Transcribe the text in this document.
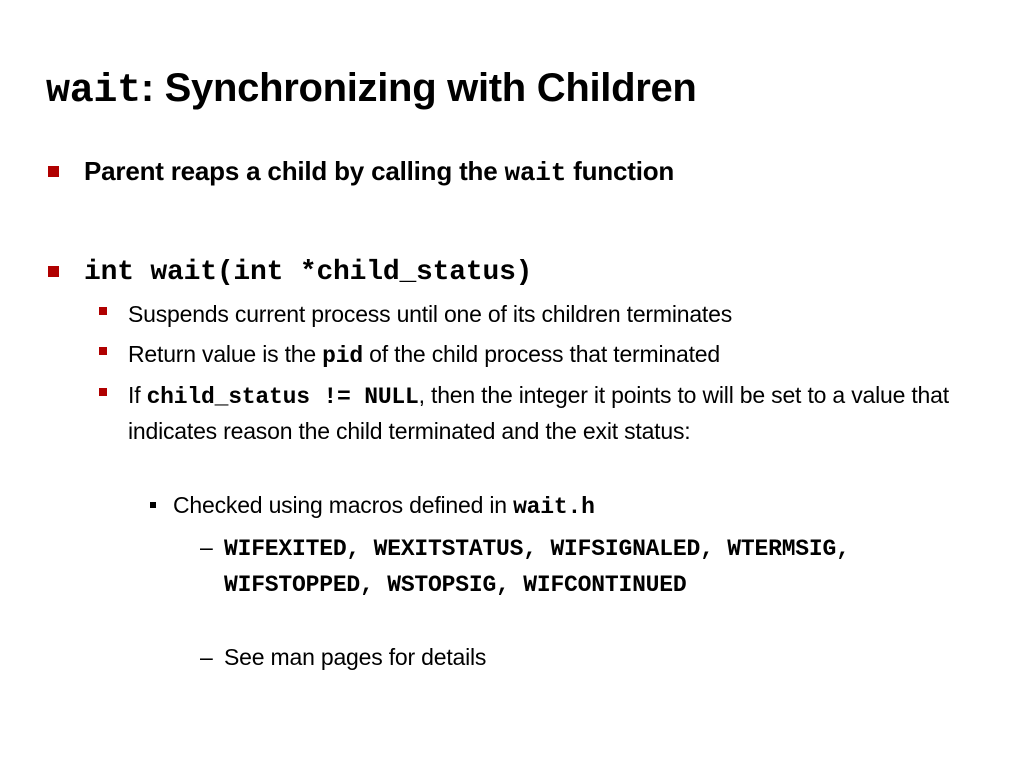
wait: Synchronizing with Children
Parent reaps a child by calling the wait function
int wait(int *child_status)
Suspends current process until one of its children terminates
Return value is the pid of the child process that terminated
If child_status != NULL, then the integer it points to will be set to a value that indicates reason the child terminated and the exit status:
Checked using macros defined in wait.h
– WIFEXITED, WEXITSTATUS, WIFSIGNALED, WTERMSIG, WIFSTOPPED, WSTOPSIG, WIFCONTINUED
– See man pages for details
